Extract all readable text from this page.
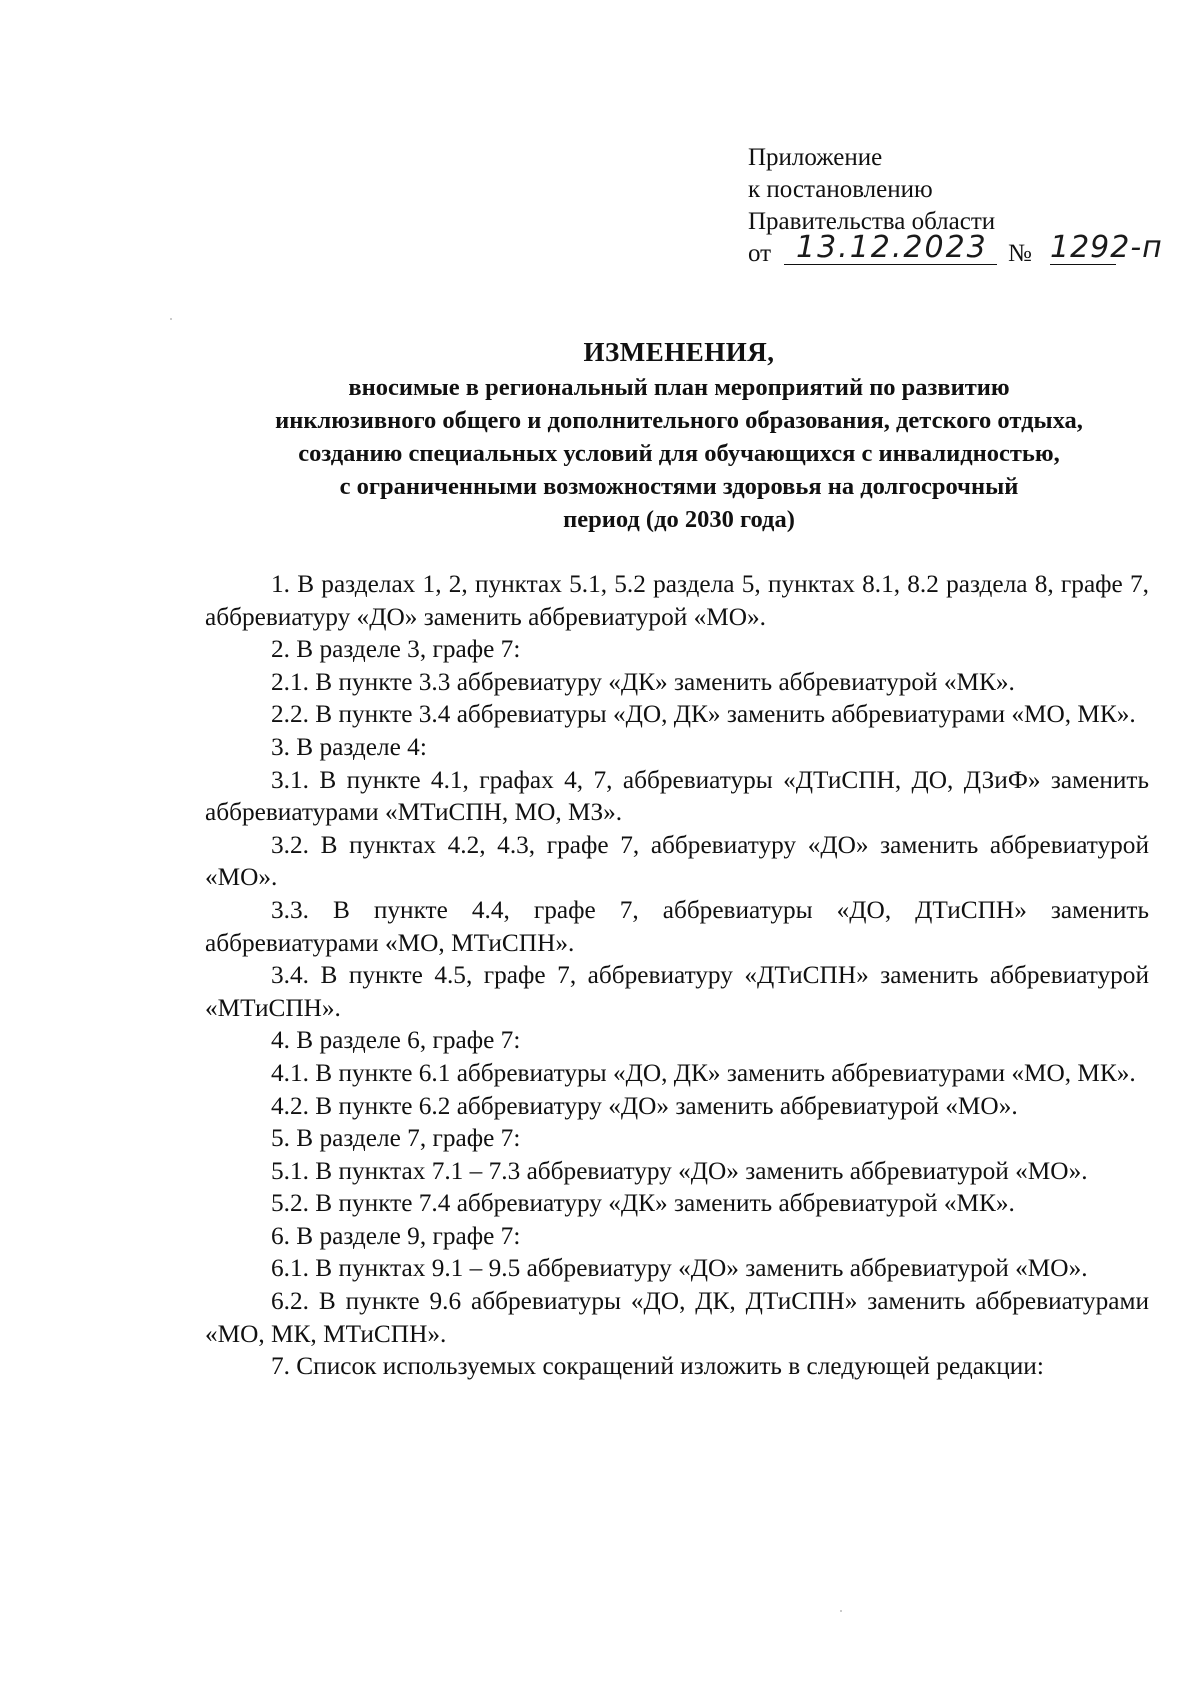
Приложение
к постановлению
Правительства области
от 13.12.2023 № 1292-п
ИЗМЕНЕНИЯ,
вносимые в региональный план мероприятий по развитию
инклюзивного общего и дополнительного образования, детского отдыха,
созданию специальных условий для обучающихся с инвалидностью,
с ограниченными возможностями здоровья на долгосрочный
период (до 2030 года)

1. В разделах 1, 2, пунктах 5.1, 5.2 раздела 5, пунктах 8.1, 8.2 раздела 8, графе 7, аббревиатуру «ДО» заменить аббревиатурой «МО».

2. В разделе 3, графе 7:

2.1. В пункте 3.3 аббревиатуру «ДК» заменить аббревиатурой «МК».

2.2. В пункте 3.4 аббревиатуры «ДО, ДК» заменить аббревиатурами «МО, МК».

3. В разделе 4:

3.1. В пункте 4.1, графах 4, 7, аббревиатуры «ДТиСПН, ДО, ДЗиФ» заменить аббревиатурами «МТиСПН, МО, МЗ».

3.2. В пунктах 4.2, 4.3, графе 7, аббревиатуру «ДО» заменить аббревиатурой «МО».

3.3. В пункте 4.4, графе 7, аббревиатуры «ДО, ДТиСПН» заменить аббревиатурами «МО, МТиСПН».

3.4. В пункте 4.5, графе 7, аббревиатуру «ДТиСПН» заменить аббревиатурой «МТиСПН».

4. В разделе 6, графе 7:

4.1. В пункте 6.1 аббревиатуры «ДО, ДК» заменить аббревиатурами «МО, МК».

4.2. В пункте 6.2 аббревиатуру «ДО» заменить аббревиатурой «МО».

5. В разделе 7, графе 7:

5.1. В пунктах 7.1 – 7.3 аббревиатуру «ДО» заменить аббревиатурой «МО».

5.2. В пункте 7.4 аббревиатуру «ДК» заменить аббревиатурой «МК».

6. В разделе 9, графе 7:

6.1. В пунктах 9.1 – 9.5 аббревиатуру «ДО» заменить аббревиатурой «МО».

6.2. В пункте 9.6 аббревиатуры «ДО, ДК, ДТиСПН» заменить аббревиатурами «МО, МК, МТиСПН».

7. Список используемых сокращений изложить в следующей редакции:
